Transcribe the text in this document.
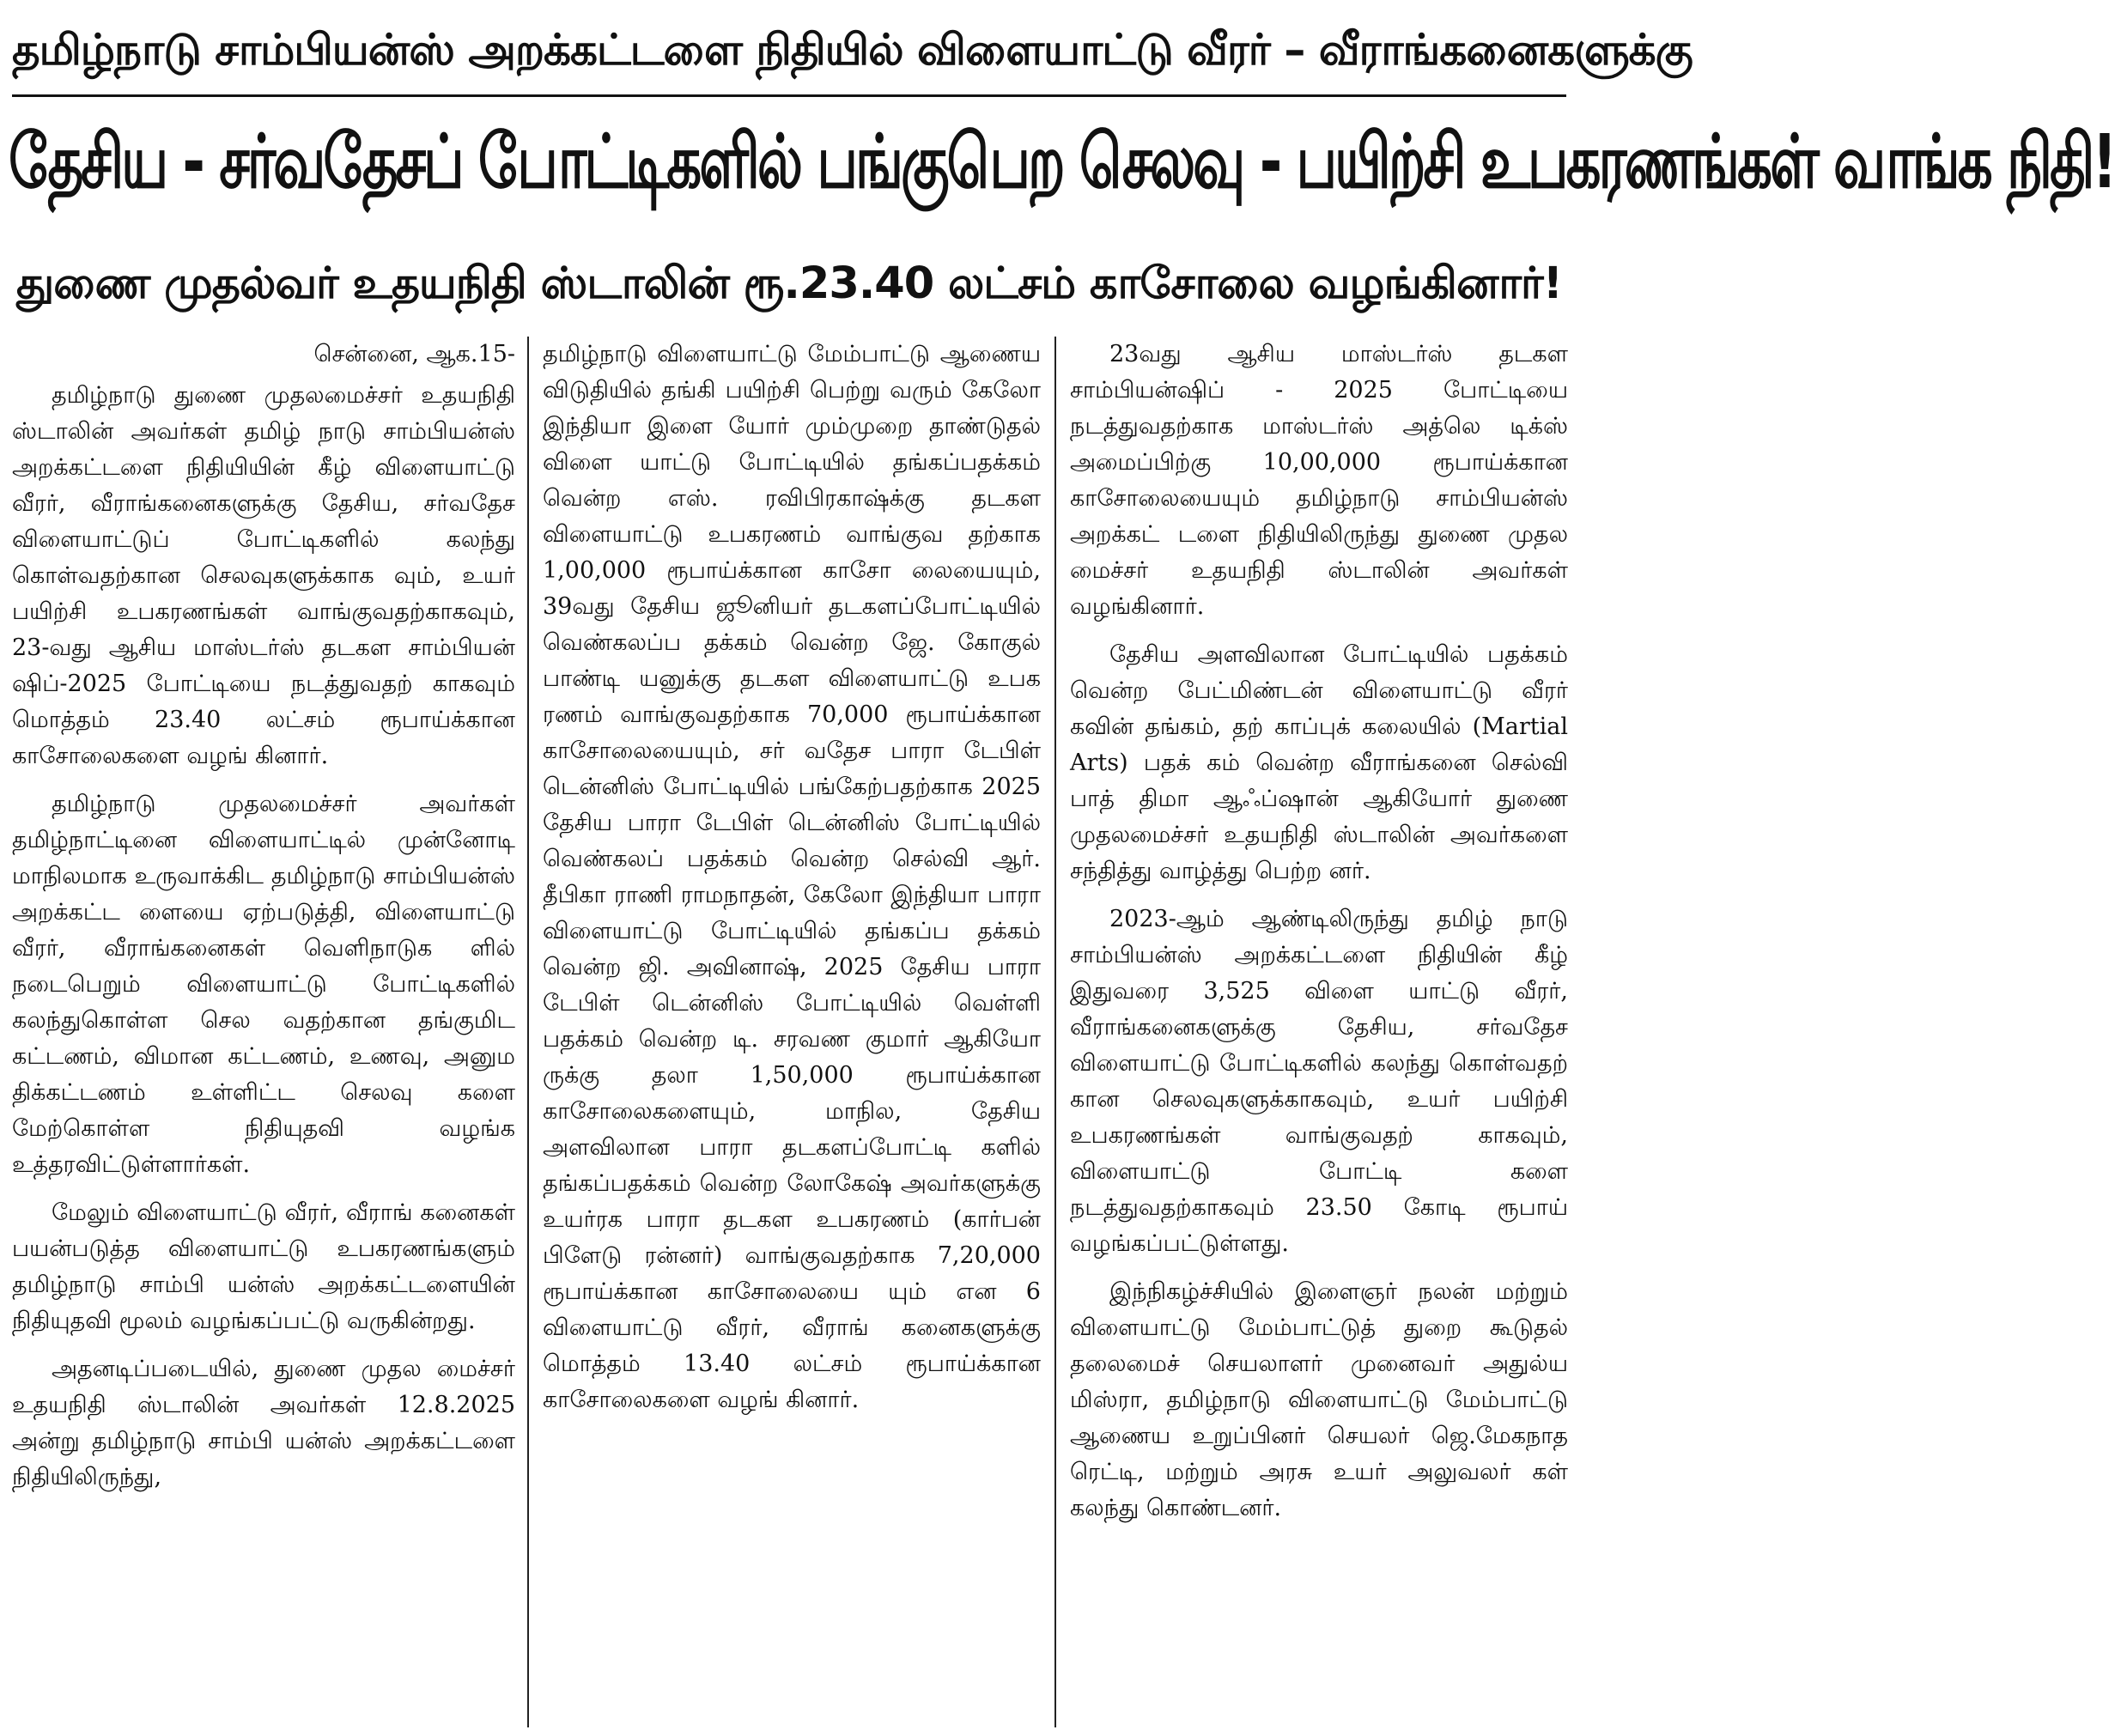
தமிழ்நாடு சாம்பியன்ஸ் அறக்கட்டளை நிதியில் விளையாட்டு வீரர் – வீராங்கனைகளுக்கு
தேசிய - சர்வதேசப் போட்டிகளில் பங்குபெற செலவு - பயிற்சி உபகரணங்கள் வாங்க நிதி!
துணை முதல்வர் உதயநிதி ஸ்டாலின் ரூ.23.40 லட்சம் காசோலை வழங்கினார்!

சென்னை, ஆக.15-

தமிழ்நாடு துணை முதலமைச்சர் உதயநிதி ஸ்டாலின் அவர்கள் தமிழ் நாடு சாம்பியன்ஸ் அறக்கட்டளை நிதியியின் கீழ் விளையாட்டு வீரர், வீராங்கனைகளுக்கு தேசிய, சர்வதேச விளையாட்டுப் போட்டிகளில் கலந்து கொள்வதற்கான செலவுகளுக்காக வும், உயர் பயிற்சி உபகரணங்கள் வாங்குவதற்காகவும், 23-வது ஆசிய மாஸ்டர்ஸ் தடகள சாம்பியன் ஷிப்-2025 போட்டியை நடத்துவதற் காகவும் மொத்தம் 23.40 லட்சம் ரூபாய்க்கான காசோலைகளை வழங் கினார்.

தமிழ்நாடு முதலமைச்சர் அவர்கள் தமிழ்நாட்டினை விளையாட்டில் முன்னோடி மாநிலமாக உருவாக்கிட தமிழ்நாடு சாம்பியன்ஸ் அறக்கட்ட ளையை ஏற்படுத்தி, விளையாட்டு வீரர், வீராங்கனைகள் வெளிநாடுக ளில் நடைபெறும் விளையாட்டு போட்டிகளில் கலந்துகொள்ள செல வதற்கான தங்குமிட கட்டணம், விமான கட்டணம், உணவு, அனும திக்கட்டணம் உள்ளிட்ட செலவு களை மேற்கொள்ள நிதியுதவி வழங்க உத்தரவிட்டுள்ளார்கள்.

மேலும் விளையாட்டு வீரர், வீராங் கனைகள் பயன்படுத்த விளையாட்டு உபகரணங்களும் தமிழ்நாடு சாம்பி யன்ஸ் அறக்கட்டளையின் நிதியுதவி மூலம் வழங்கப்பட்டு வருகின்றது.

அதனடிப்படையில், துணை முதல மைச்சர் உதயநிதி ஸ்டாலின் அவர்கள் 12.8.2025 அன்று தமிழ்நாடு சாம்பி யன்ஸ் அறக்கட்டளை நிதியிலிருந்து,

தமிழ்நாடு விளையாட்டு மேம்பாட்டு ஆணைய விடுதியில் தங்கி பயிற்சி பெற்று வரும் கேலோ இந்தியா இளை யோர் மும்முறை தாண்டுதல் விளை யாட்டு போட்டியில் தங்கப்பதக்கம் வென்ற எஸ். ரவிபிரகாஷ்க்கு தடகள விளையாட்டு உபகரணம் வாங்குவ தற்காக 1,00,000 ரூபாய்க்கான காசோ லையையும், 39வது தேசிய ஜூனியர் தடகளப்போட்டியில் வெண்கலப்ப தக்கம் வென்ற ஜே. கோகுல் பாண்டி யனுக்கு தடகள விளையாட்டு உபக ரணம் வாங்குவதற்காக 70,000 ரூபாய்க்கான காசோலையையும், சர் வதேச பாரா டேபிள் டென்னிஸ் போட்டியில் பங்கேற்பதற்காக 2025 தேசிய பாரா டேபிள் டென்னிஸ் போட்டியில் வெண்கலப் பதக்கம் வென்ற செல்வி ஆர். தீபிகா ராணி ராமநாதன், கேலோ இந்தியா பாரா விளையாட்டு போட்டியில் தங்கப்ப தக்கம் வென்ற ஜி. அவினாஷ், 2025 தேசிய பாரா டேபிள் டென்னிஸ் போட்டியில் வெள்ளி பதக்கம் வென்ற டி. சரவண குமார் ஆகியோ ருக்கு தலா 1,50,000 ரூபாய்க்கான காசோலைகளையும், மாநில, தேசிய அளவிலான பாரா தடகளப்போட்டி களில் தங்கப்பதக்கம் வென்ற லோகேஷ் அவர்களுக்கு உயர்ரக பாரா தடகள உபகரணம் (கார்பன் பிளேடு ரன்னர்) வாங்குவதற்காக 7,20,000 ரூபாய்க்கான காசோலையை யும் என 6 விளையாட்டு வீரர், வீராங் கனைகளுக்கு மொத்தம் 13.40 லட்சம் ரூபாய்க்கான காசோலைகளை வழங் கினார்.

23வது ஆசிய மாஸ்டர்ஸ் தடகள சாம்பியன்ஷிப் - 2025 போட்டியை நடத்துவதற்காக மாஸ்டர்ஸ் அத்லெ டிக்ஸ் அமைப்பிற்கு 10,00,000 ரூபாய்க்கான காசோலையையும் தமிழ்நாடு சாம்பியன்ஸ் அறக்கட் டளை நிதியிலிருந்து துணை முதல மைச்சர் உதயநிதி ஸ்டாலின் அவர்கள் வழங்கினார்.

தேசிய அளவிலான போட்டியில் பதக்கம் வென்ற பேட்மிண்டன் விளையாட்டு வீரர் கவின் தங்கம், தற் காப்புக் கலையில் (Martial Arts) பதக் கம் வென்ற வீராங்கனை செல்வி பாத் திமா ஆஃப்ஷான் ஆகியோர் துணை முதலமைச்சர் உதயநிதி ஸ்டாலின் அவர்களை சந்தித்து வாழ்த்து பெற்ற னர்.

2023-ஆம் ஆண்டிலிருந்து தமிழ் நாடு சாம்பியன்ஸ் அறக்கட்டளை நிதியின் கீழ் இதுவரை 3,525 விளை யாட்டு வீரர், வீராங்கனைகளுக்கு தேசிய, சர்வதேச விளையாட்டு போட்டிகளில் கலந்து கொள்வதற் கான செலவுகளுக்காகவும், உயர் பயிற்சி உபகரணங்கள் வாங்குவதற் காகவும், விளையாட்டு போட்டி களை நடத்துவதற்காகவும் 23.50 கோடி ரூபாய் வழங்கப்பட்டுள்ளது.

இந்நிகழ்ச்சியில் இளைஞர் நலன் மற்றும் விளையாட்டு மேம்பாட்டுத் துறை கூடுதல் தலைமைச் செயலாளர் முனைவர் அதுல்ய மிஸ்ரா, தமிழ்நாடு விளையாட்டு மேம்பாட்டு ஆணைய உறுப்பினர் செயலர் ஜெ.மேகநாத ரெட்டி, மற்றும் அரசு உயர் அலுவலர் கள் கலந்து கொண்டனர்.
